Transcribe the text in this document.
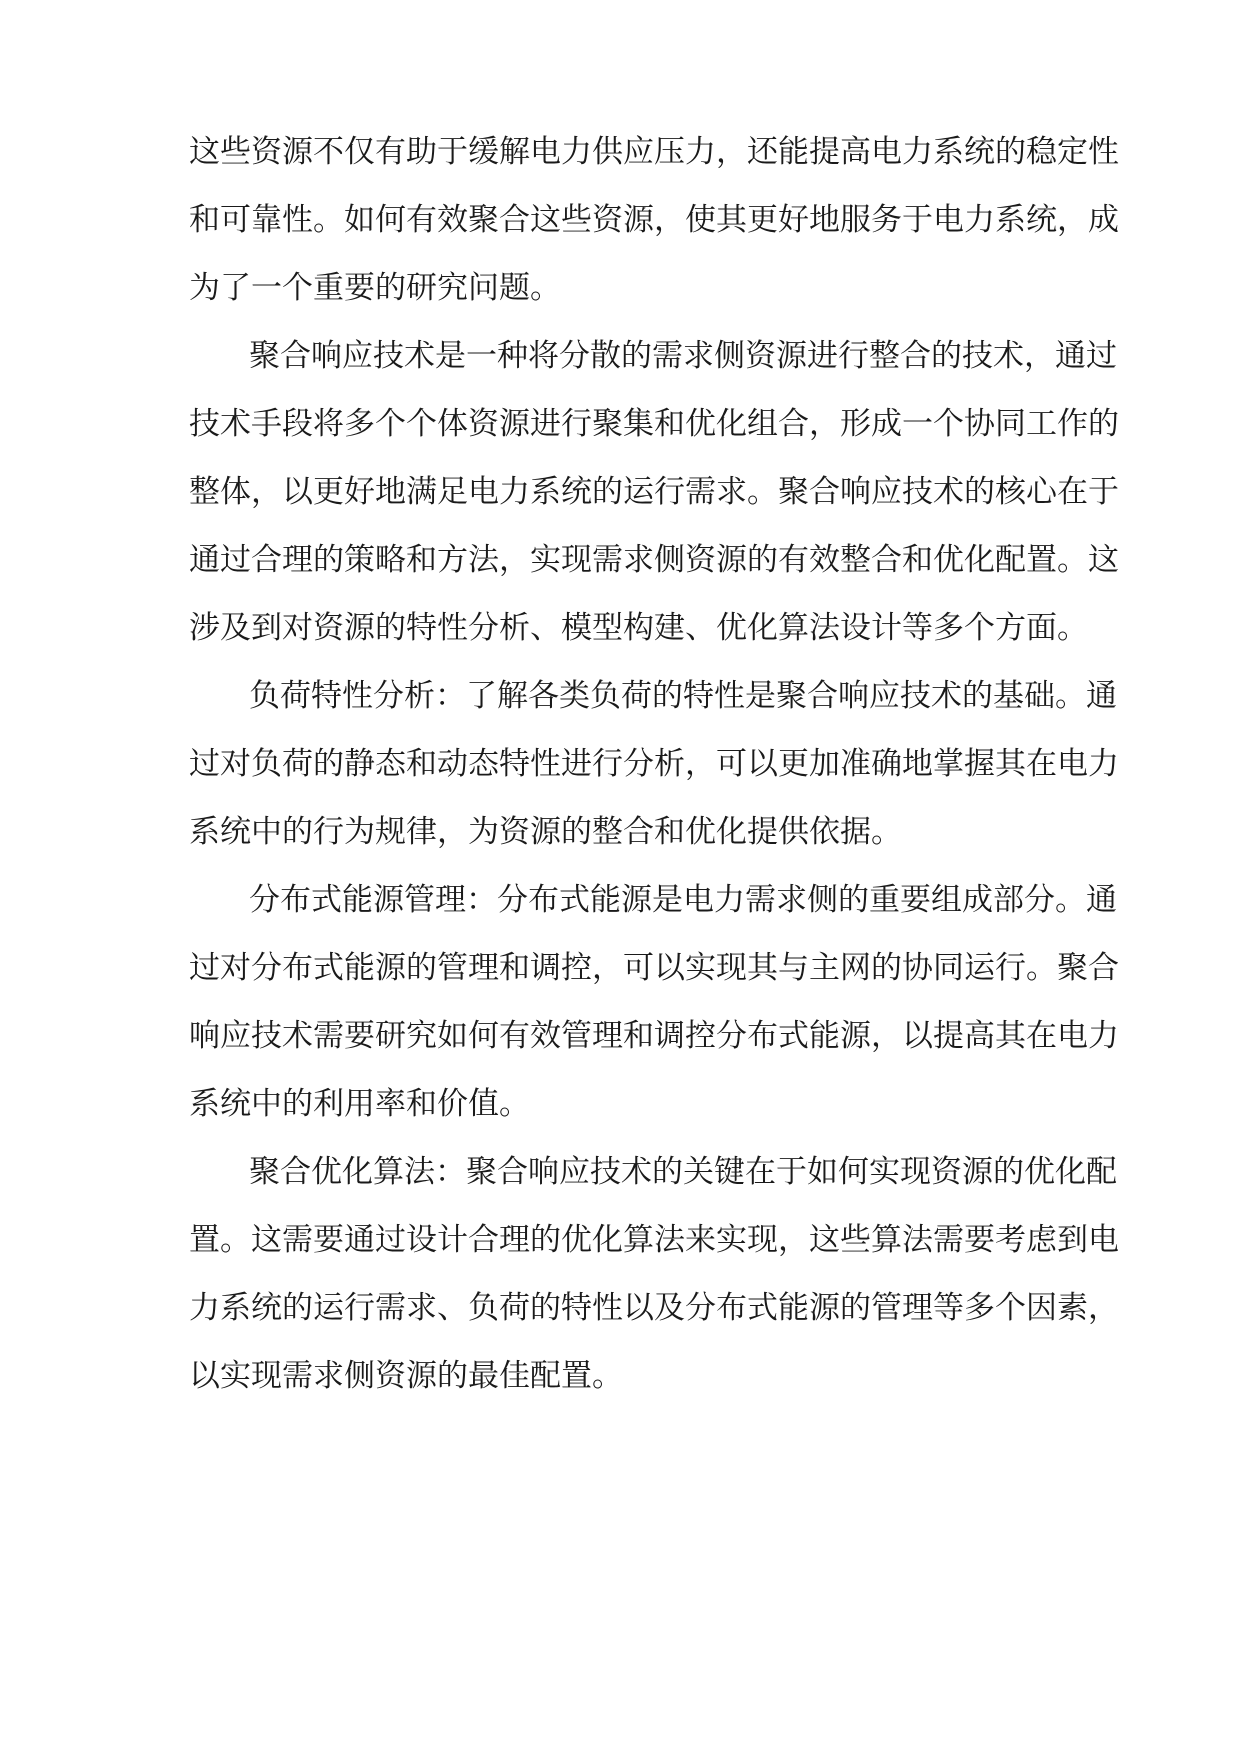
这些资源不仅有助于缓解电力供应压力，还能提高电力系统的稳定性

和可靠性。如何有效聚合这些资源，使其更好地服务于电力系统，成

为了一个重要的研究问题。

聚合响应技术是一种将分散的需求侧资源进行整合的技术，通过

技术手段将多个个体资源进行聚集和优化组合，形成一个协同工作的

整体，以更好地满足电力系统的运行需求。聚合响应技术的核心在于

通过合理的策略和方法，实现需求侧资源的有效整合和优化配置。这

涉及到对资源的特性分析、模型构建、优化算法设计等多个方面。

负荷特性分析：了解各类负荷的特性是聚合响应技术的基础。通

过对负荷的静态和动态特性进行分析，可以更加准确地掌握其在电力

系统中的行为规律，为资源的整合和优化提供依据。

分布式能源管理：分布式能源是电力需求侧的重要组成部分。通

过对分布式能源的管理和调控，可以实现其与主网的协同运行。聚合

响应技术需要研究如何有效管理和调控分布式能源，以提高其在电力

系统中的利用率和价值。

聚合优化算法：聚合响应技术的关键在于如何实现资源的优化配

置。这需要通过设计合理的优化算法来实现，这些算法需要考虑到电

力系统的运行需求、负荷的特性以及分布式能源的管理等多个因素，

以实现需求侧资源的最佳配置。
